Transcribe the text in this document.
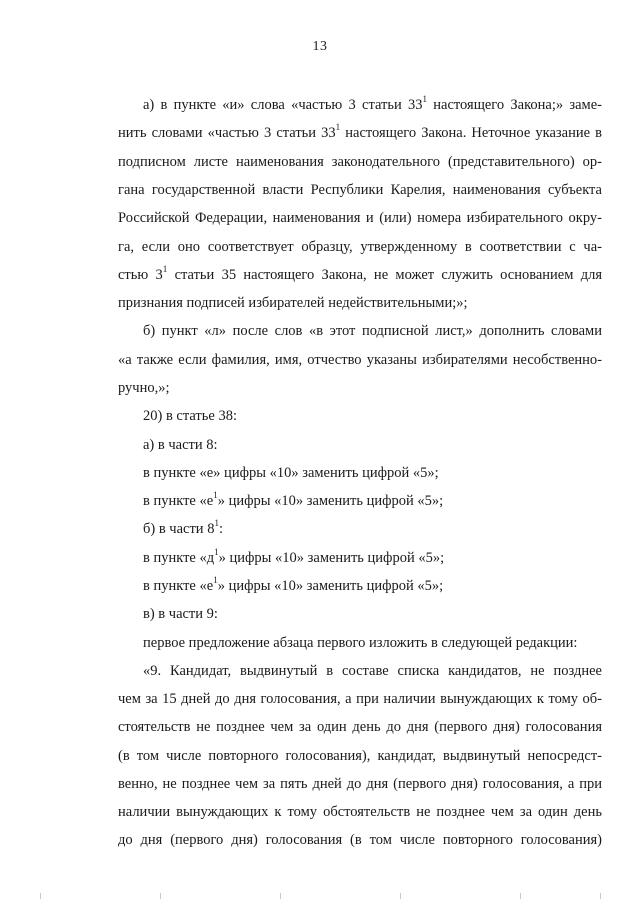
13
а) в пункте «и» слова «частью 3 статьи $33^1$ настоящего Закона;» заме-
нить словами «частью 3 статьи $33^1$ настоящего Закона. Неточное указание в
подписном листе наименования законодательного (представительного) ор-
гана государственной власти Республики Карелия, наименования субъекта
Российской Федерации, наименования и (или) номера избирательного окру-
га, если оно соответствует образцу, утвержденному в соответствии с ча-
стью $3^1$ статьи 35 настоящего Закона, не может служить основанием для
признания подписей избирателей недействительными;»;
б) пункт «л» после слов «в этот подписной лист,» дополнить словами
«а также если фамилия, имя, отчество указаны избирателями несобственно-
ручно,»;
20) в статье 38:
а) в части 8:
в пункте «е» цифры «10» заменить цифрой «5»;
в пункте «$е^1$» цифры «10» заменить цифрой «5»;
б) в части $8^1$:
в пункте «$д^1$» цифры «10» заменить цифрой «5»;
в пункте «$е^1$» цифры «10» заменить цифрой «5»;
в) в части 9:
первое предложение абзаца первого изложить в следующей редакции:
«9. Кандидат, выдвинутый в составе списка кандидатов, не позднее
чем за 15 дней до дня голосования, а при наличии вынуждающих к тому об-
стоятельств не позднее чем за один день до дня (первого дня) голосования
(в том числе повторного голосования), кандидат, выдвинутый непосредст-
венно, не позднее чем за пять дней до дня (первого дня) голосования, а при
наличии вынуждающих к тому обстоятельств не позднее чем за один день
до дня (первого дня) голосования (в том числе повторного голосования)
